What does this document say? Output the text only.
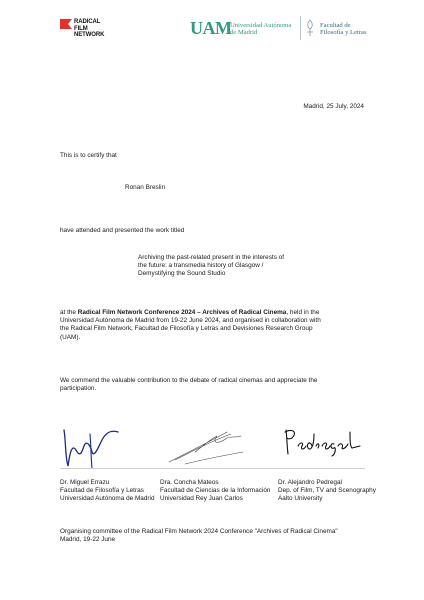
RADICAL
FILM
NETWORK	UAM
Universidad Autónoma
de Madrid
Facultad de
Filosofía y Letras
Madrid, 25 July, 2024
This is to certify that
Ronan Breslin
have attended and presented the work titled
Archiving the past-related present in the interests of
the future: a transmedia history of Glasgow /
Demystifying the Sound Studio
at the Radical Film Network Conference 2024 – Archives of Radical Cinema, held in the
Universidad Autónoma de Madrid from 19-22 June 2024, and organised in collaboration with
the Radical Film Network, Facultad de Filosofía y Letras and Devisiones Research Group
(UAM).
We commend the valuable contribution to the debate of radical cinemas and appreciate the
participation.
Dr. Miguel Errazu
Facultad de Filosofía y Letras
Universidad Autónoma de Madrid
Dra. Concha Mateos
Facultad de Ciencias de la Información
Universidad Rey Juan Carlos
Dr. Alejandro Pedregal
Dep. of Film, TV and Scenography
Aalto University
Organising committee of the Radical Film Network 2024 Conference "Archives of Radical Cinema"
Madrid, 19-22 June
